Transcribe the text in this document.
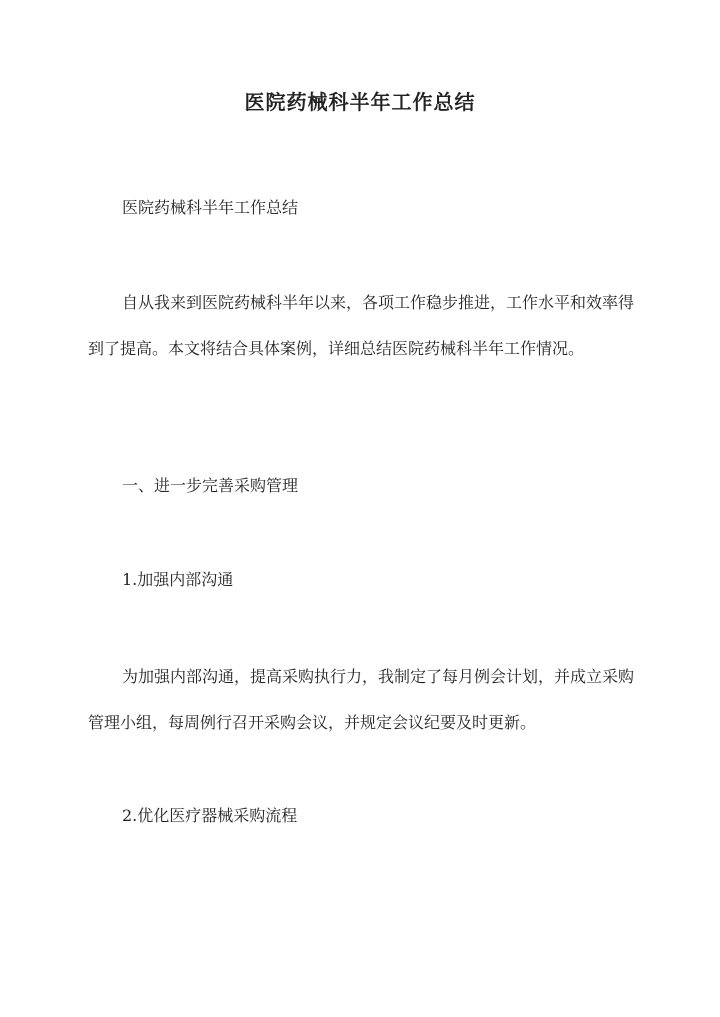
医院药械科半年工作总结

医院药械科半年工作总结

自从我来到医院药械科半年以来，各项工作稳步推进，工作水平和效率得到了提高。本文将结合具体案例，详细总结医院药械科半年工作情况。

一、进一步完善采购管理

1.加强内部沟通

为加强内部沟通，提高采购执行力，我制定了每月例会计划，并成立采购管理小组，每周例行召开采购会议，并规定会议纪要及时更新。

2.优化医疗器械采购流程
